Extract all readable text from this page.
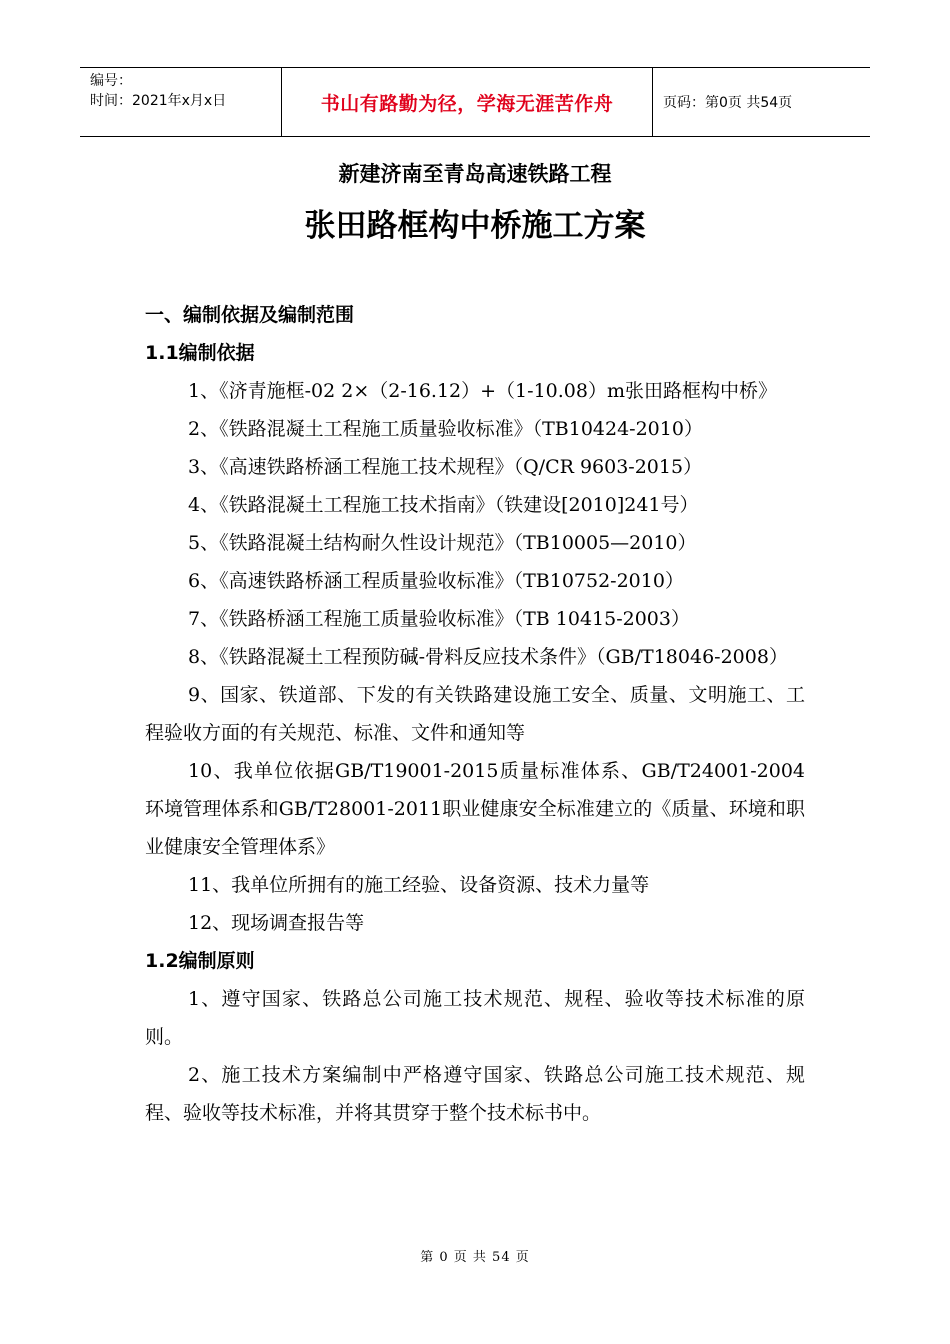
编号：
时间：2021年x月x日	书山有路勤为径，学海无涯苦作舟	页码：第0页 共54页
新建济南至青岛高速铁路工程
张田路框构中桥施工方案

一、编制依据及编制范围

1.1编制依据

1、《济青施框-02 2×（2-16.12）+（1-10.08）m张田路框构中桥》

2、《铁路混凝土工程施工质量验收标准》（TB10424-2010）

3、《高速铁路桥涵工程施工技术规程》（Q/CR 9603-2015）

4、《铁路混凝土工程施工技术指南》（铁建设[2010]241号）

5、《铁路混凝土结构耐久性设计规范》（TB10005—2010）

6、《高速铁路桥涵工程质量验收标准》（TB10752-2010）

7、《铁路桥涵工程施工质量验收标准》（TB 10415-2003）

8、《铁路混凝土工程预防碱-骨料反应技术条件》（GB/T18046-2008）

9、国家、铁道部、下发的有关铁路建设施工安全、质量、文明施工、工程验收方面的有关规范、标准、文件和通知等

10、我单位依据GB/T19001-2015质量标准体系、GB/T24001-2004环境管理体系和GB/T28001-2011职业健康安全标准建立的《质量、环境和职业健康安全管理体系》

11、我单位所拥有的施工经验、设备资源、技术力量等

12、现场调查报告等

1.2编制原则

1、遵守国家、铁路总公司施工技术规范、规程、验收等技术标准的原则。

2、施工技术方案编制中严格遵守国家、铁路总公司施工技术规范、规程、验收等技术标准，并将其贯穿于整个技术标书中。

第 0 页 共 54 页
